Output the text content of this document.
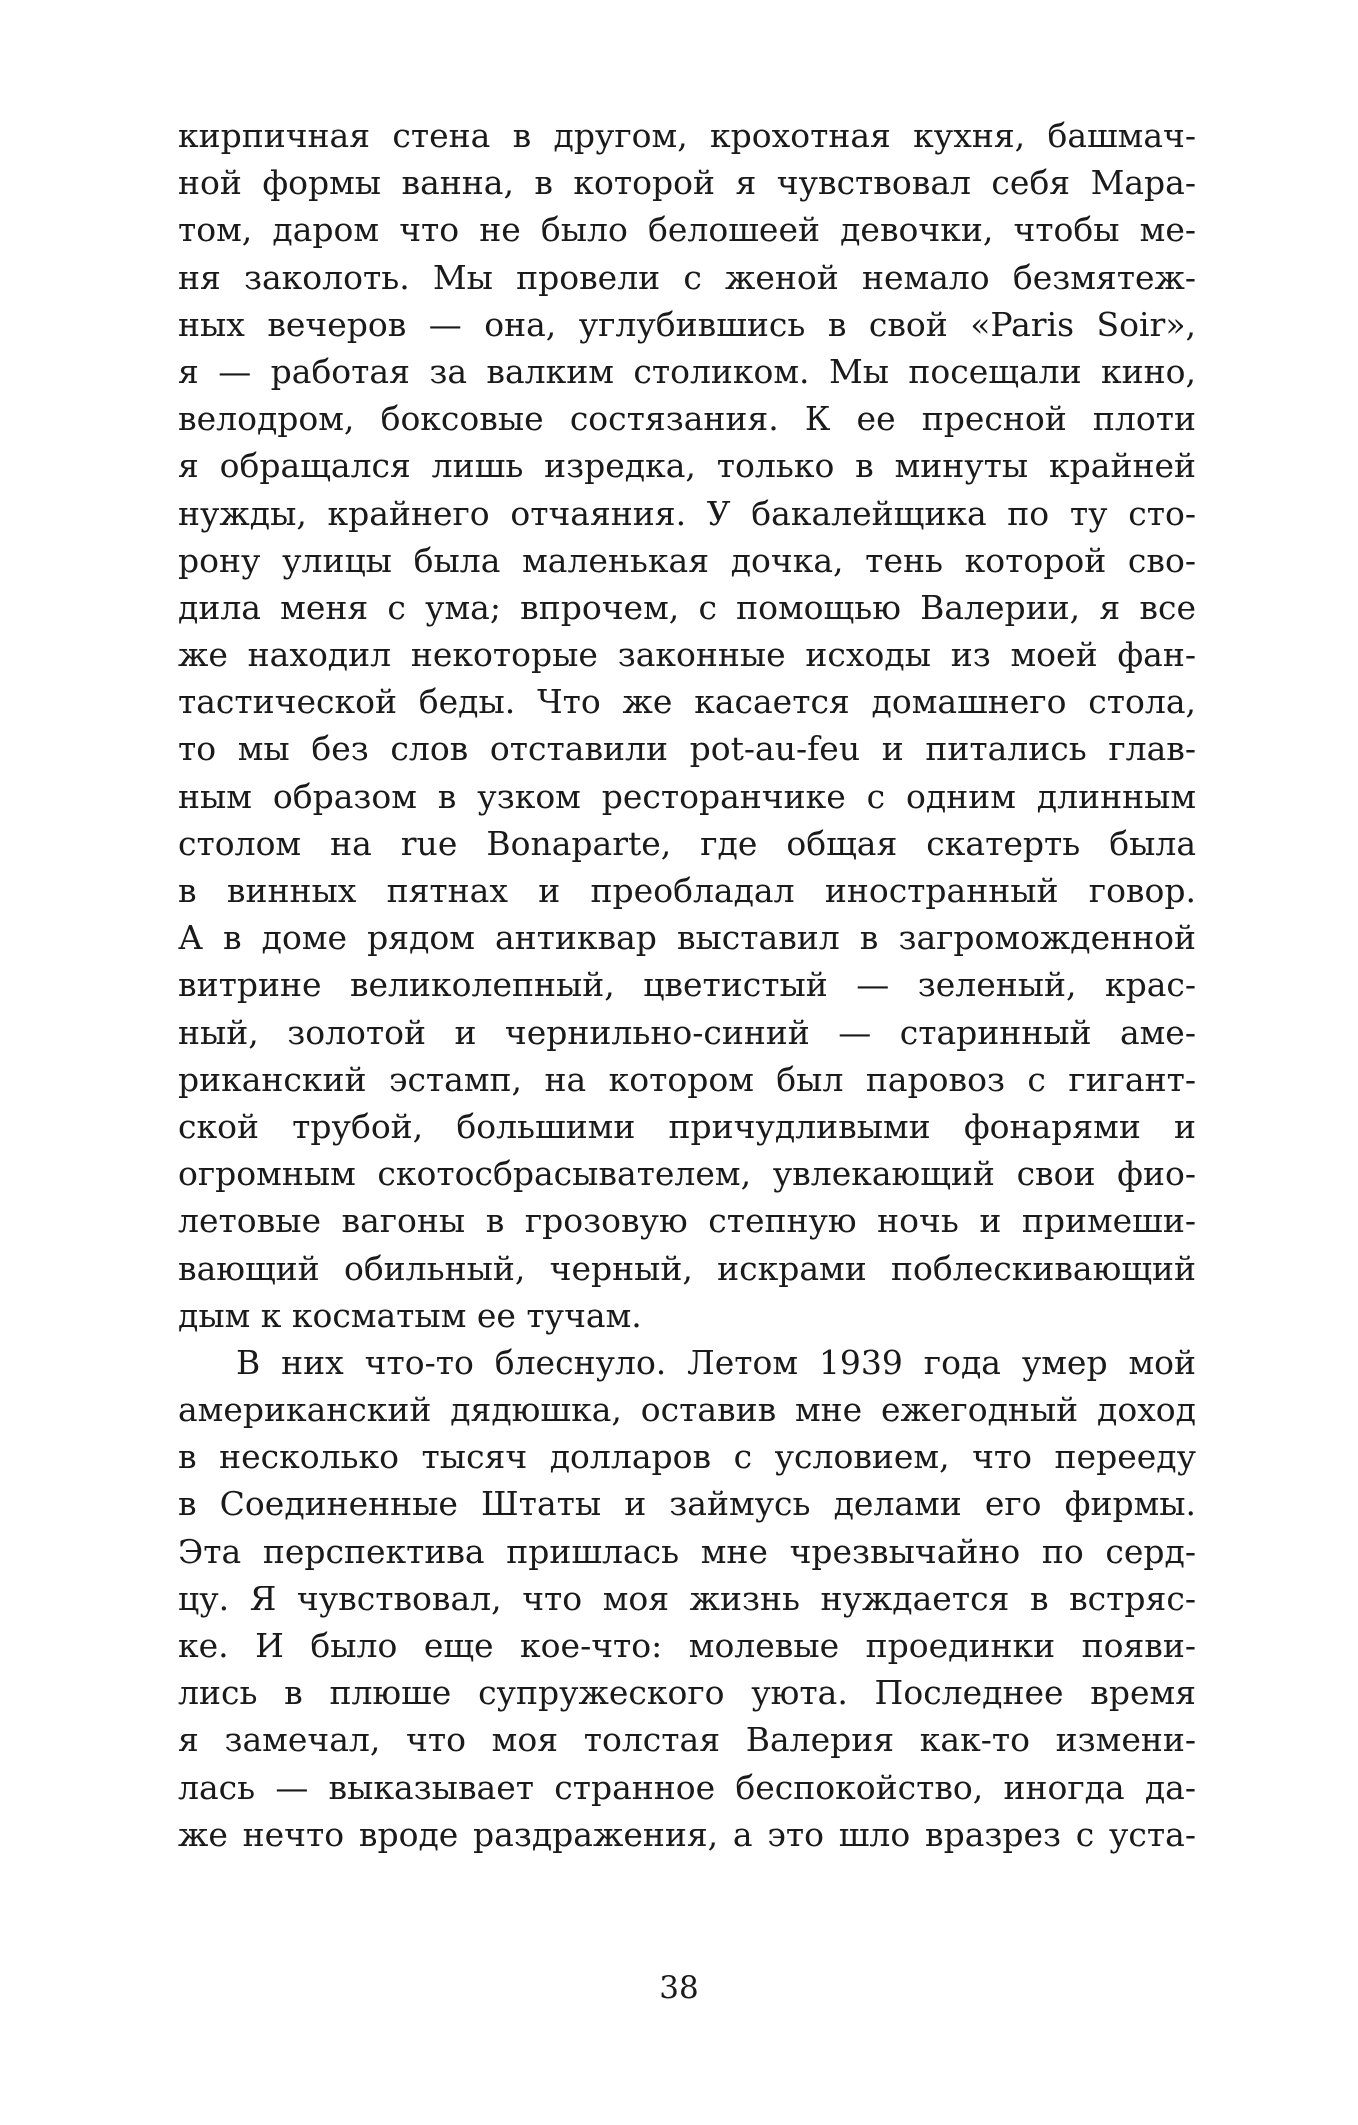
кирпичная стена в другом, крохотная кухня, башмач-
ной формы ванна, в которой я чувствовал себя Мара-
том, даром что не было белошеей девочки, чтобы ме-
ня заколоть. Мы провели с женой немало безмятеж-
ных вечеров — она, углубившись в свой «Paris Soir»,
я — работая за валким столиком. Мы посещали кино,
велодром, боксовые состязания. К ее пресной плоти
я обращался лишь изредка, только в минуты крайней
нужды, крайнего отчаяния. У бакалейщика по ту сто-
рону улицы была маленькая дочка, тень которой сво-
дила меня с ума; впрочем, с помощью Валерии, я все
же находил некоторые законные исходы из моей фан-
тастической беды. Что же касается домашнего стола,
то мы без слов отставили pot-au-feu и питались глав-
ным образом в узком ресторанчике с одним длинным
столом на rue Bonaparte, где общая скатерть была
в винных пятнах и преобладал иностранный говор.
А в доме рядом антиквар выставил в загроможденной
витрине великолепный, цветистый — зеленый, крас-
ный, золотой и чернильно-синий — старинный аме-
риканский эстамп, на котором был паровоз с гигант-
ской трубой, большими причудливыми фонарями и
огромным скотосбрасывателем, увлекающий свои фио-
летовые вагоны в грозовую степную ночь и примеши-
вающий обильный, черный, искрами поблескивающий
дым к косматым ее тучам.
В них что-то блеснуло. Летом 1939 года умер мой
американский дядюшка, оставив мне ежегодный доход
в несколько тысяч долларов с условием, что перееду
в Соединенные Штаты и займусь делами его фирмы.
Эта перспектива пришлась мне чрезвычайно по серд-
цу. Я чувствовал, что моя жизнь нуждается в встряс-
ке. И было еще кое-что: молевые проединки появи-
лись в плюше супружеского уюта. Последнее время
я замечал, что моя толстая Валерия как-то измени-
лась — выказывает странное беспокойство, иногда да-
же нечто вроде раздражения, а это шло вразрез с уста-
38
